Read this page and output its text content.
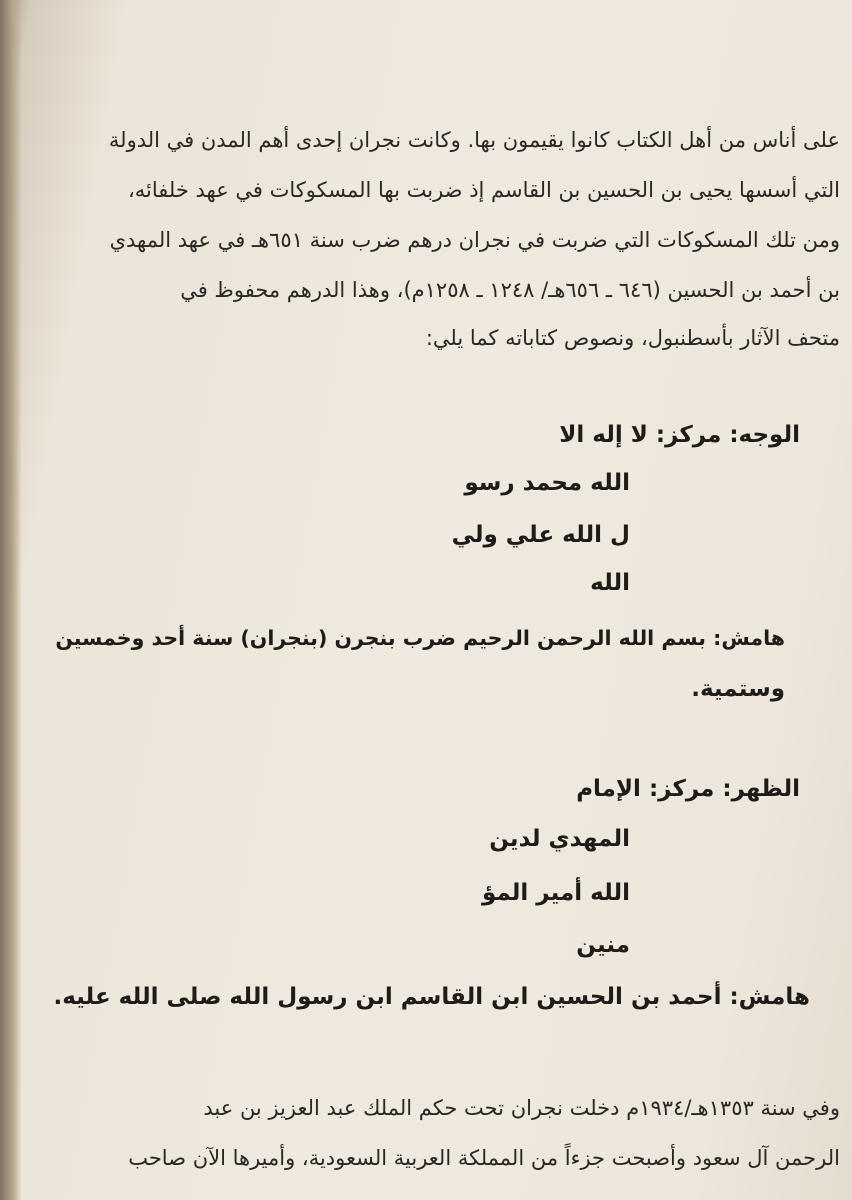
على أناس من أهل الكتاب كانوا يقيمون بها. وكانت نجران إحدى أهم المدن في الدولة
التي أسسها يحيى بن الحسين بن القاسم إذ ضربت بها المسكوكات في عهد خلفائه،
ومن تلك المسكوكات التي ضربت في نجران درهم ضرب سنة ٦٥١هـ في عهد المهدي
بن أحمد بن الحسين (٦٤٦ ـ ٦٥٦هـ/ ١٢٤٨ ـ ١٢٥٨م)، وهذا الدرهم محفوظ في
متحف الآثار بأسطنبول، ونصوص كتاباته كما يلي:
الوجه: مركز: لا إله الا
الله محمد رسو
ل الله علي ولي
الله
هامش: بسم الله الرحمن الرحيم ضرب بنجرن (بنجران) سنة أحد وخمسين
وستمية.
الظهر: مركز: الإمام
المهدي لدين
الله أمير المؤ
منين
هامش: أحمد بن الحسين ابن القاسم ابن رسول الله صلى الله عليه.
وفي سنة ١٣٥٣هـ/١٩٣٤م دخلت نجران تحت حكم الملك عبد العزيز بن عبد
الرحمن آل سعود وأصبحت جزءاً من المملكة العربية السعودية، وأميرها الآن صاحب
